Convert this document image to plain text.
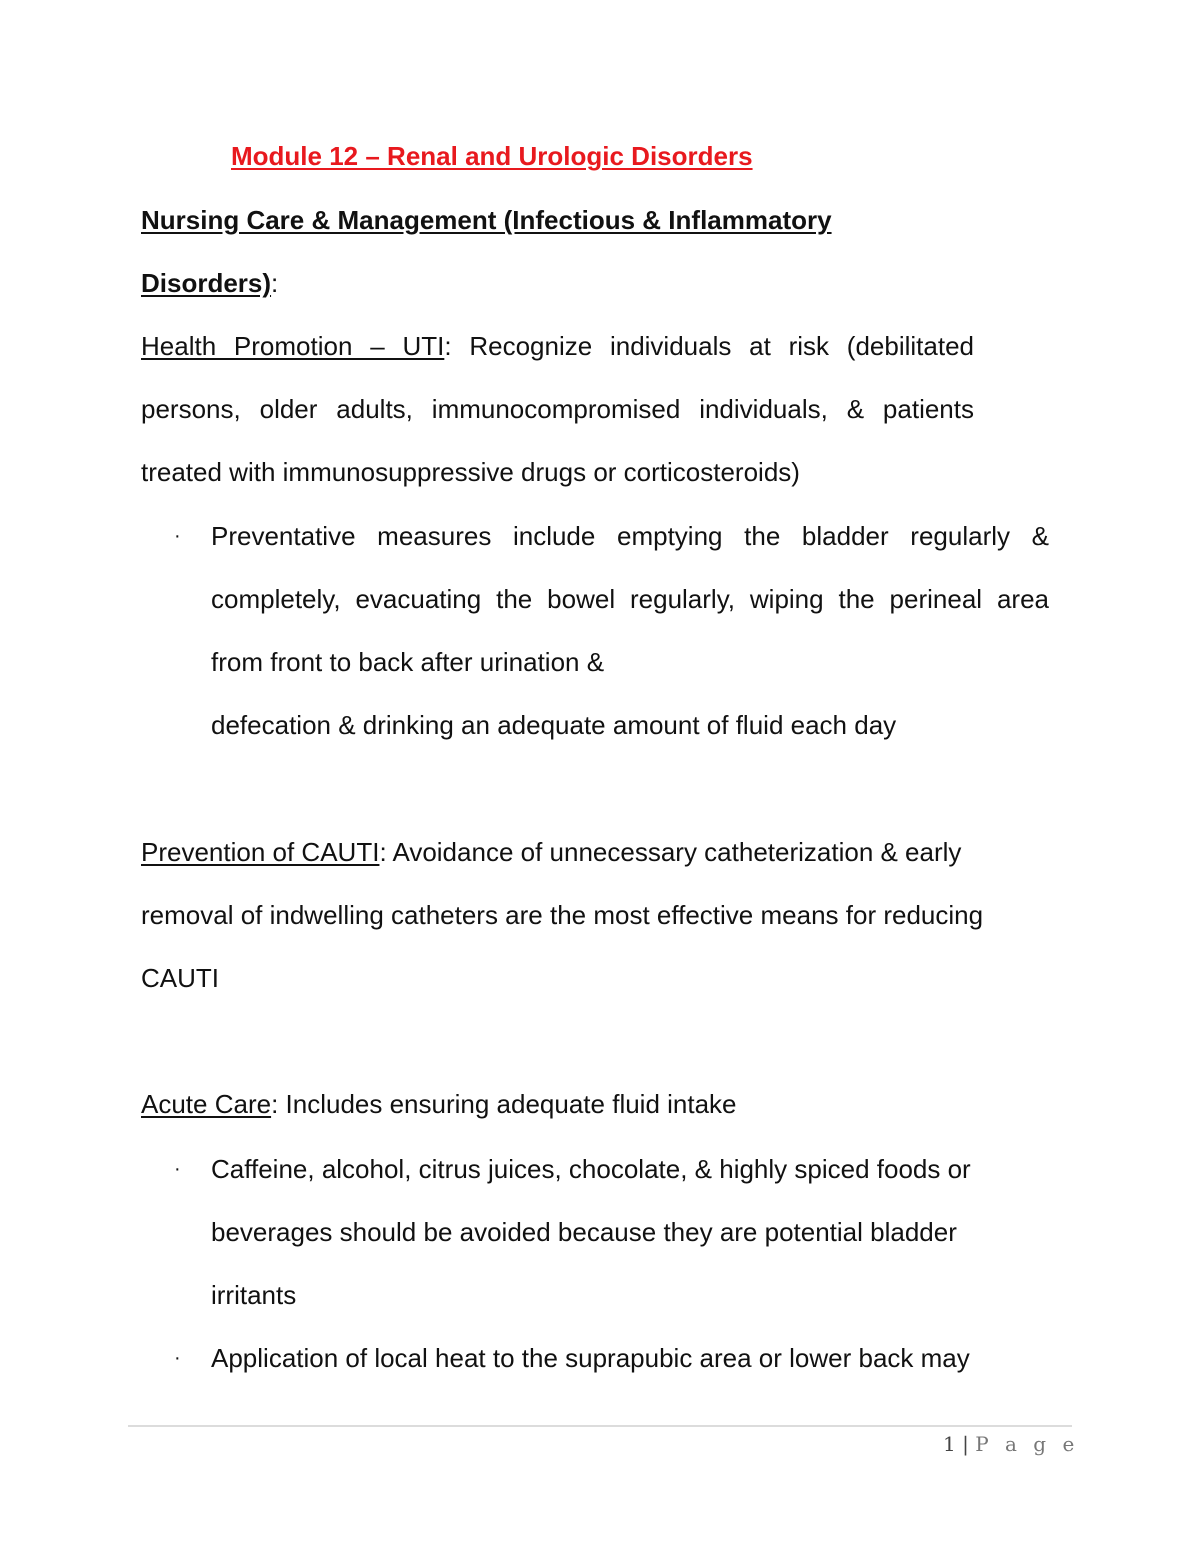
Module 12 – Renal and Urologic Disorders
Nursing Care & Management (Infectious & Inflammatory
Disorders):
Health Promotion – UTI: Recognize individuals at risk (debilitated
persons, older adults, immunocompromised individuals, & patients
treated with immunosuppressive drugs or corticosteroids)
· Preventative measures include emptying the bladder regularly &
completely, evacuating the bowel regularly, wiping the perineal area
from front to back after urination &
defecation & drinking an adequate amount of fluid each day
Prevention of CAUTI: Avoidance of unnecessary catheterization & early
removal of indwelling catheters are the most effective means for reducing
CAUTI
Acute Care: Includes ensuring adequate fluid intake
· Caffeine, alcohol, citrus juices, chocolate, & highly spiced foods or
beverages should be avoided because they are potential bladder
irritants
· Application of local heat to the suprapubic area or lower back may
1 | P a g e
